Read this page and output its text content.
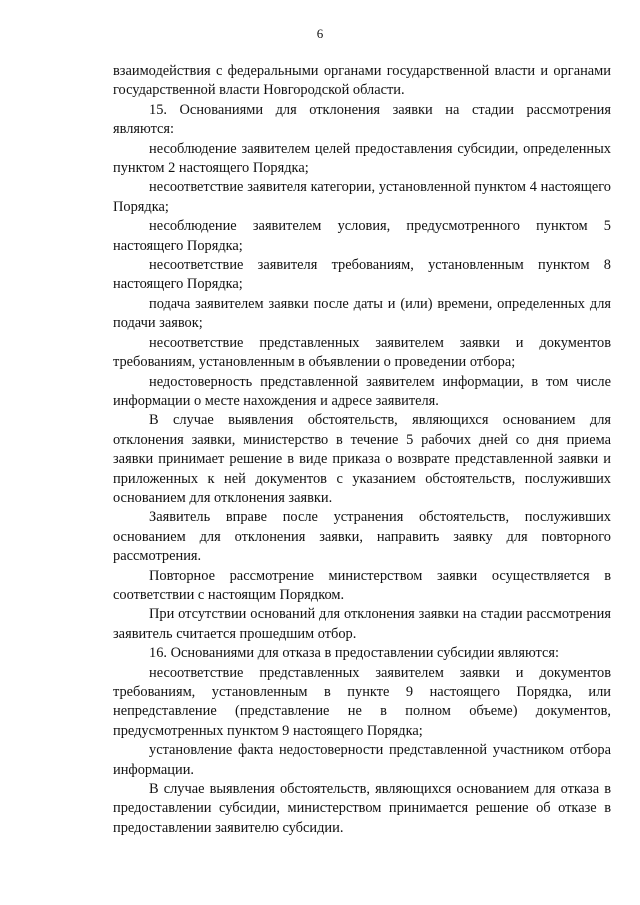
6

взаимодействия с федеральными органами государственной власти и органами государственной власти Новгородской области.

15. Основаниями для отклонения заявки на стадии рассмотрения являются:

несоблюдение заявителем целей предоставления субсидии, определенных пунктом 2 настоящего Порядка;

несоответствие заявителя категории, установленной пунктом 4 настоящего Порядка;

несоблюдение заявителем условия, предусмотренного пунктом 5 настоящего Порядка;

несоответствие заявителя требованиям, установленным пунктом 8 настоящего Порядка;

подача заявителем заявки после даты и (или) времени, определенных для подачи заявок;

несоответствие представленных заявителем заявки и документов требованиям, установленным в объявлении о проведении отбора;

недостоверность представленной заявителем информации, в том числе информации о месте нахождения и адресе заявителя.

В случае выявления обстоятельств, являющихся основанием для отклонения заявки, министерство в течение 5 рабочих дней со дня приема заявки принимает решение в виде приказа о возврате представленной заявки и приложенных к ней документов с указанием обстоятельств, послуживших основанием для отклонения заявки.

Заявитель вправе после устранения обстоятельств, послуживших основанием для отклонения заявки, направить заявку для повторного рассмотрения.

Повторное рассмотрение министерством заявки осуществляется в соответствии с настоящим Порядком.

При отсутствии оснований для отклонения заявки на стадии рассмотрения заявитель считается прошедшим отбор.

16. Основаниями для отказа в предоставлении субсидии являются:

несоответствие представленных заявителем заявки и документов требованиям, установленным в пункте 9 настоящего Порядка, или непредставление (представление не в полном объеме) документов, предусмотренных пунктом 9 настоящего Порядка;

установление факта недостоверности представленной участником отбора информации.

В случае выявления обстоятельств, являющихся основанием для отказа в предоставлении субсидии, министерством принимается решение об отказе в предоставлении заявителю субсидии.
